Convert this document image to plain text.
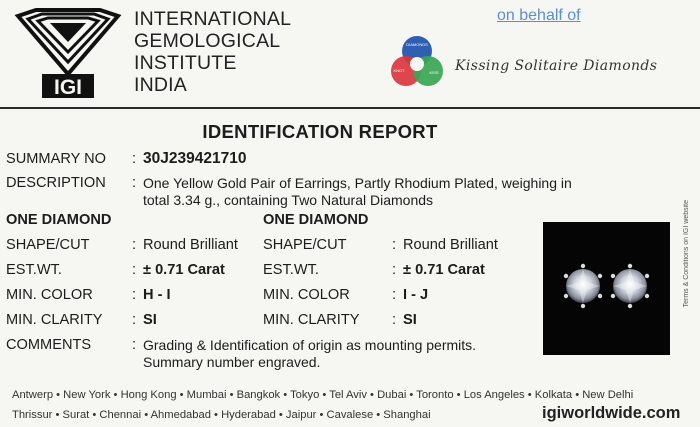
IGI
INTERNATIONAL
GEMOLOGICAL
INSTITUTE
INDIA
on behalf of
DIAMONDS
KNOT	KISS Kissing Solitaire Diamonds
IDENTIFICATION REPORT
SUMMARY NO : 30J239421710
DESCRIPTION : One Yellow Gold Pair of Earrings, Partly Rhodium Plated, weighing in
total 3.34 g., containing Two Natural Diamonds
ONE DIAMOND
SHAPE/CUT	: Round Brilliant
EST.WT.	: ± 0.71 Carat
MIN. COLOR	: H - I
MIN. CLARITY : SI
ONE DIAMOND
SHAPE/CUT	: Round Brilliant
EST.WT.	: ± 0.71 Carat
MIN. COLOR	: I - J
MIN. CLARITY : SI
COMMENTS	: Grading & Identification of origin as mounting permits.
Summary number engraved.
Terms & Conditions on IGI website
Antwerp • New York • Hong Kong • Mumbai • Bangkok • Tokyo • Tel Aviv • Dubai • Toronto • Los Angeles • Kolkata • New Delhi
Thrissur • Surat • Chennai • Ahmedabad • Hyderabad • Jaipur • Cavalese • Shanghai	igiworldwide.com
